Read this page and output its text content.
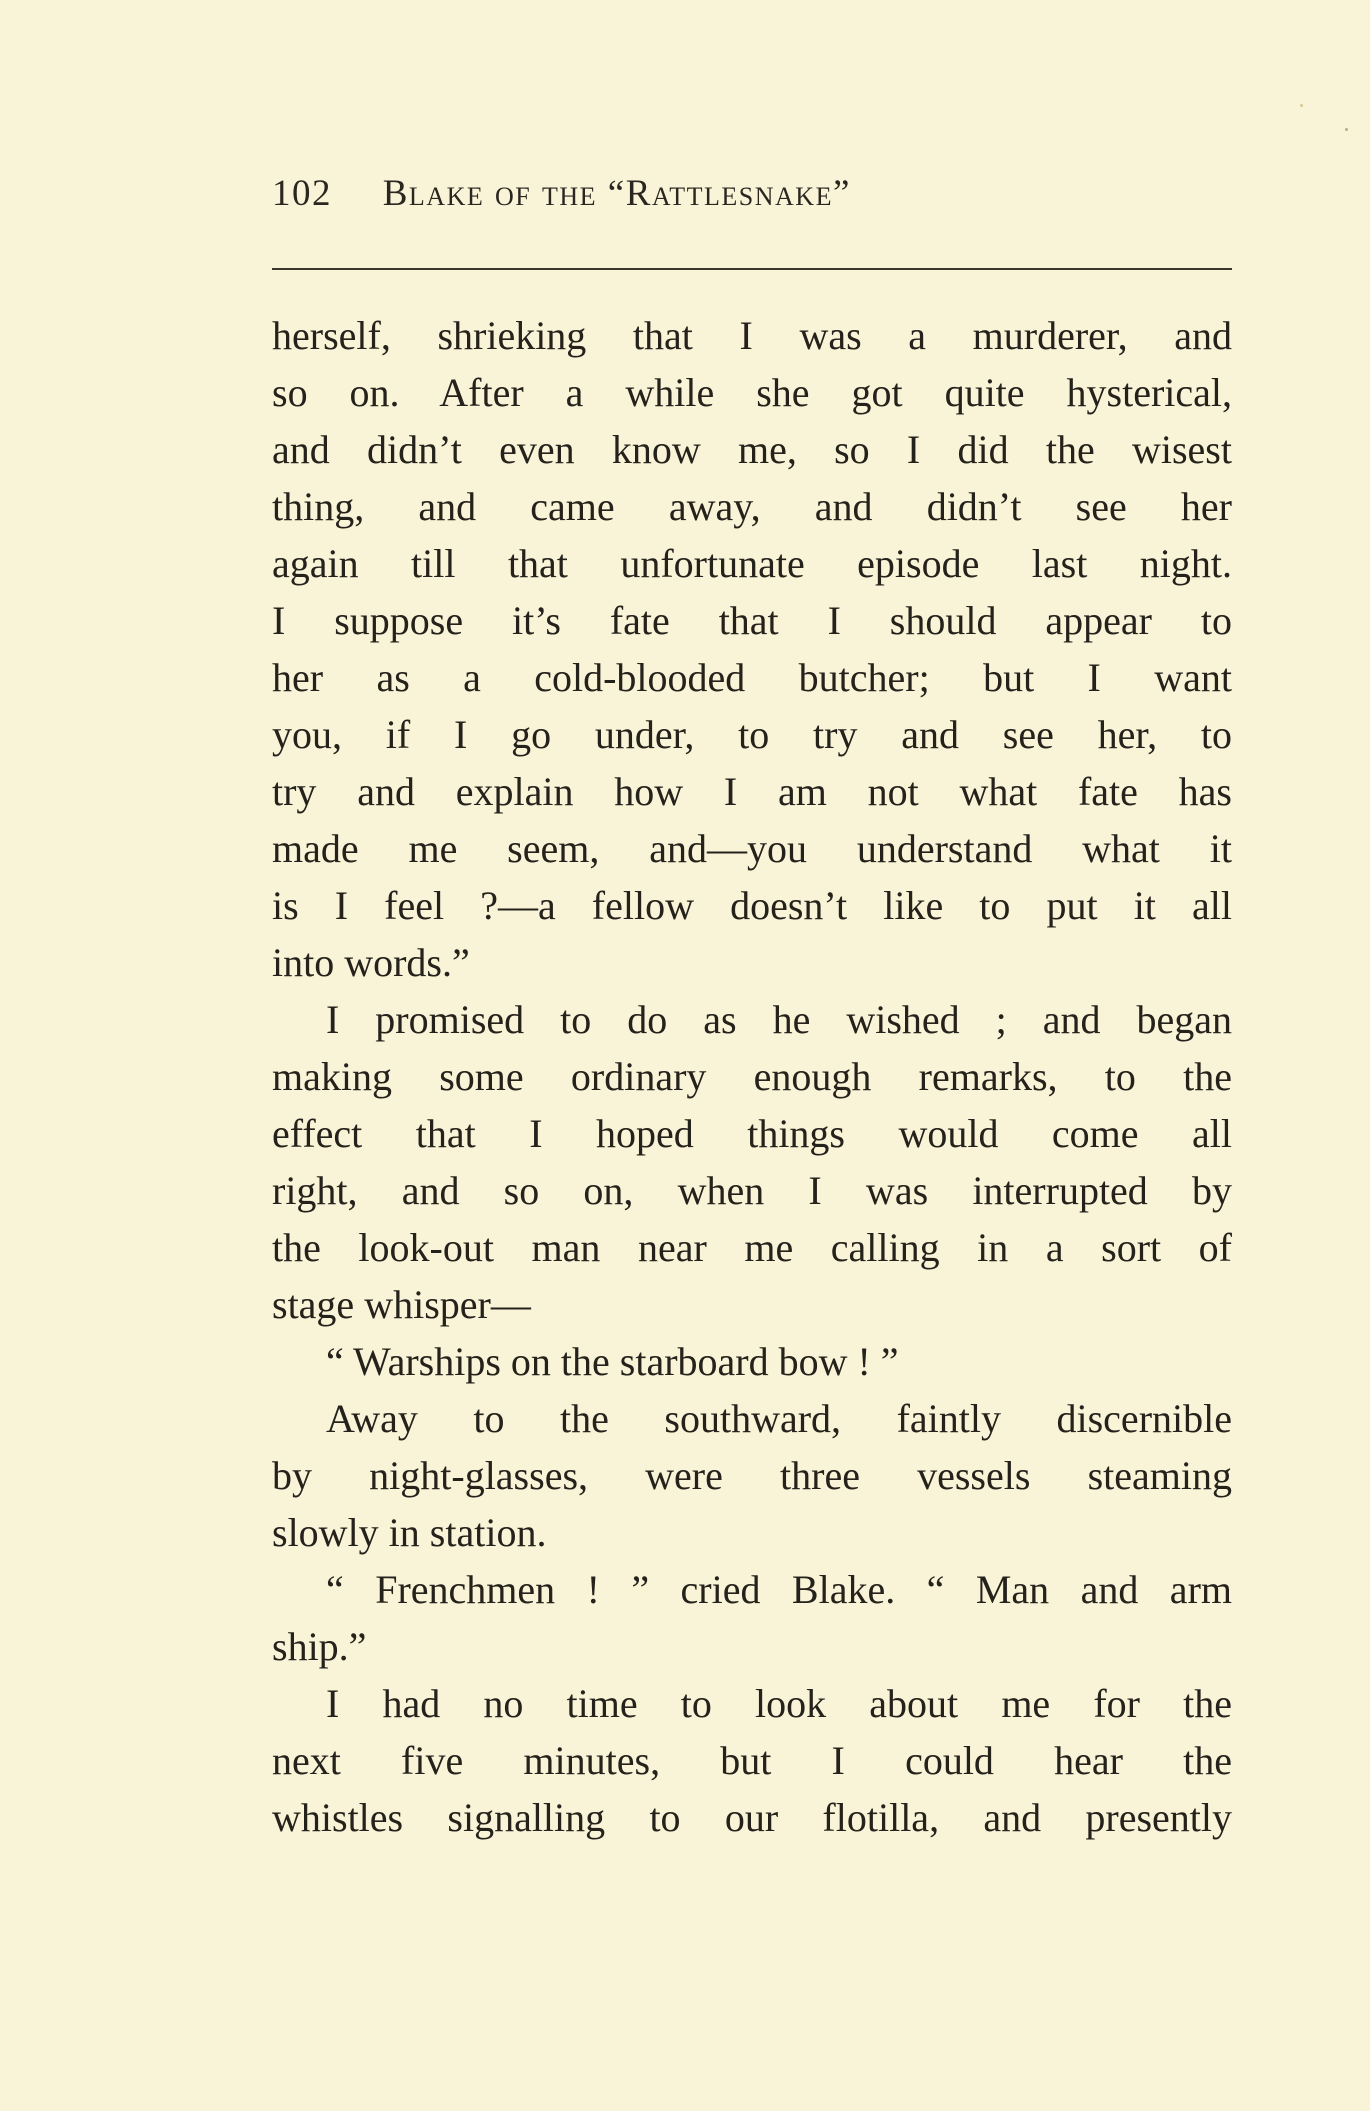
102 Blake of the “Rattlesnake”
herself, shrieking that I was a murderer, and
so on. After a while she got quite hysterical,
and didn’t even know me, so I did the wisest
thing, and came away, and didn’t see her
again till that unfortunate episode last night.
I suppose it’s fate that I should appear to
her as a cold-blooded butcher; but I want
you, if I go under, to try and see her, to
try and explain how I am not what fate has
made me seem, and—you understand what it
is I feel ?—a fellow doesn’t like to put it all
into words.”
I promised to do as he wished ; and began
making some ordinary enough remarks, to the
effect that I hoped things would come all
right, and so on, when I was interrupted by
the look-out man near me calling in a sort of
stage whisper—
“ Warships on the starboard bow ! ”
Away to the southward, faintly discernible
by night-glasses, were three vessels steaming
slowly in station.
“ Frenchmen ! ” cried Blake. “ Man and arm
ship.”
I had no time to look about me for the
next five minutes, but I could hear the
whistles signalling to our flotilla, and presently
